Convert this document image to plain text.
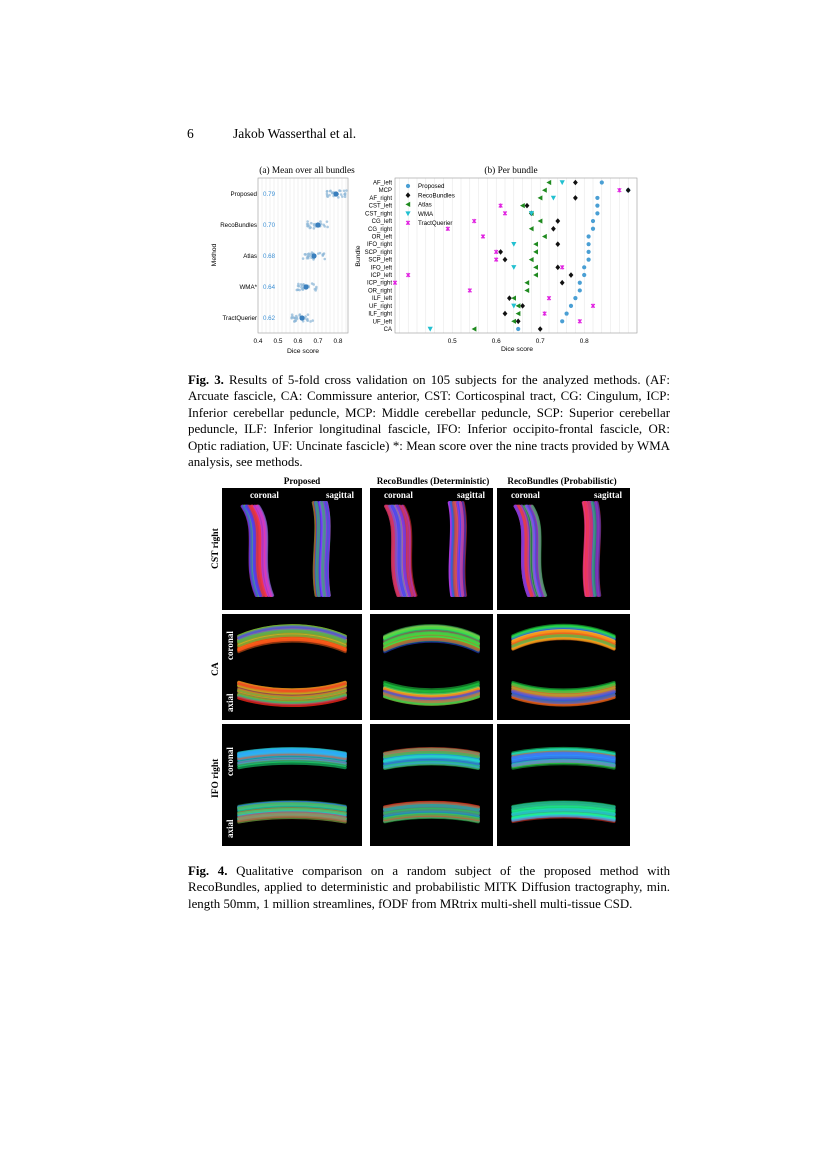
6	Jakob Wasserthal et al.
(a) Mean over all bundles
Proposed 0.79
RecoBundles 0.70
Atlas 0.68
WMA* 0.64
TractQuerier 0.62
0.4 0.5 0.6 0.7 0.8
Dice score
Method
(b) Per bundle
AF_left
MCP
AF_right
CST_left
CST_right
CG_left
CG_right
OR_left
IFO_right
SCP_right
SCP_left
IFO_left
ICP_left
ICP_right
OR_right
ILF_left
UF_right
ILF_right
UF_left
CA
0.5	0.6	0.7	0.8
Proposed
RecoBundles
Atlas
WMA
TractQuerier
Dice score
Bundle
Fig. 3. Results of 5-fold cross validation on 105 subjects for the analyzed methods. (AF: Arcuate fascicle, CA: Commissure anterior, CST: Corticospinal tract, CG: Cingulum, ICP: Inferior cerebellar peduncle, MCP: Middle cerebellar peduncle, SCP: Superior cerebellar peduncle, ILF: Inferior longitudinal fascicle, IFO: Inferior occipito-frontal fascicle, OR: Optic radiation, UF: Uncinate fascicle) *: Mean score over the nine tracts provided by WMA analysis, see methods.
Proposed	RecoBundles (Deterministic)	RecoBundles (Probabilistic)
CST right
CA
IFO right
coronal	sagittal	coronal	sagittal	coronal	sagittal
coronal
axial
coronal
axial
Fig. 4. Qualitative comparison on a random subject of the proposed method with RecoBundles, applied to deterministic and probabilistic MITK Diffusion tractography, min. length 50mm, 1 million streamlines, fODF from MRtrix multi-shell multi-tissue CSD.
